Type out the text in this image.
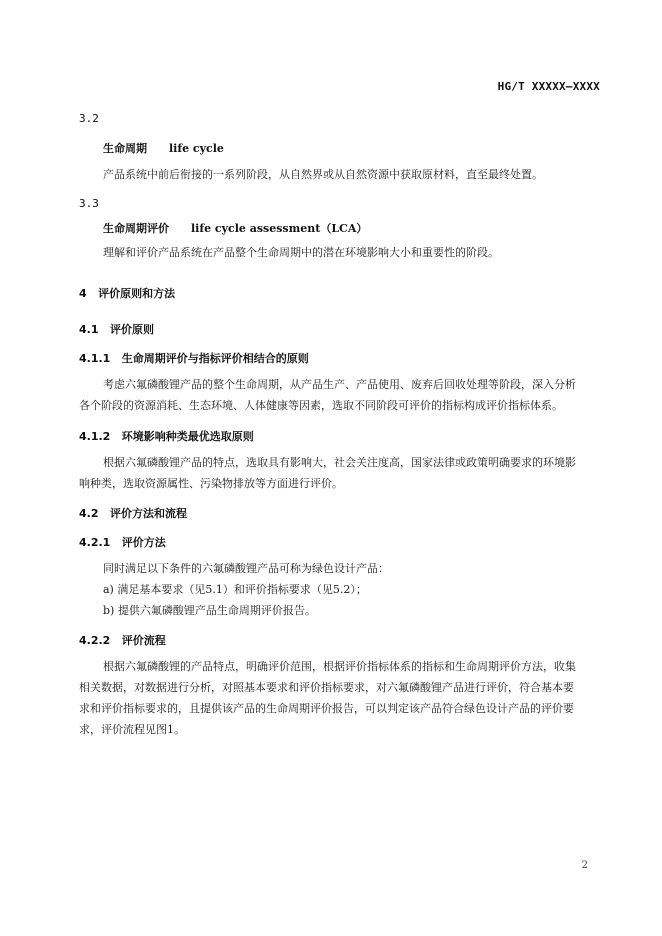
HG/T XXXXX—XXXX
3.2
生命周期 life cycle
产品系统中前后衔接的一系列阶段，从自然界或从自然资源中获取原材料，直至最终处置。
3.3
生命周期评价 life cycle assessment（LCA）
理解和评价产品系统在产品整个生命周期中的潜在环境影响大小和重要性的阶段。
4   评价原则和方法
4.1   评价原则
4.1.1   生命周期评价与指标评价相结合的原则
考虑六氟磷酸锂产品的整个生命周期，从产品生产、产品使用、废弃后回收处理等阶段，深入分析
各个阶段的资源消耗、生态环境、人体健康等因素，选取不同阶段可评价的指标构成评价指标体系。
4.1.2   环境影响种类最优选取原则
根据六氟磷酸锂产品的特点，选取具有影响大，社会关注度高，国家法律或政策明确要求的环境影
响种类，选取资源属性、污染物排放等方面进行评价。
4.2   评价方法和流程
4.2.1   评价方法
同时满足以下条件的六氟磷酸锂产品可称为绿色设计产品：
a) 满足基本要求（见5.1）和评价指标要求（见5.2）；
b) 提供六氟磷酸锂产品生命周期评价报告。
4.2.2   评价流程
根据六氟磷酸锂的产品特点，明确评价范围，根据评价指标体系的指标和生命周期评价方法，收集
相关数据，对数据进行分析，对照基本要求和评价指标要求，对六氟磷酸锂产品进行评价，符合基本要
求和评价指标要求的，且提供该产品的生命周期评价报告，可以判定该产品符合绿色设计产品的评价要
求，评价流程见图1。
2
